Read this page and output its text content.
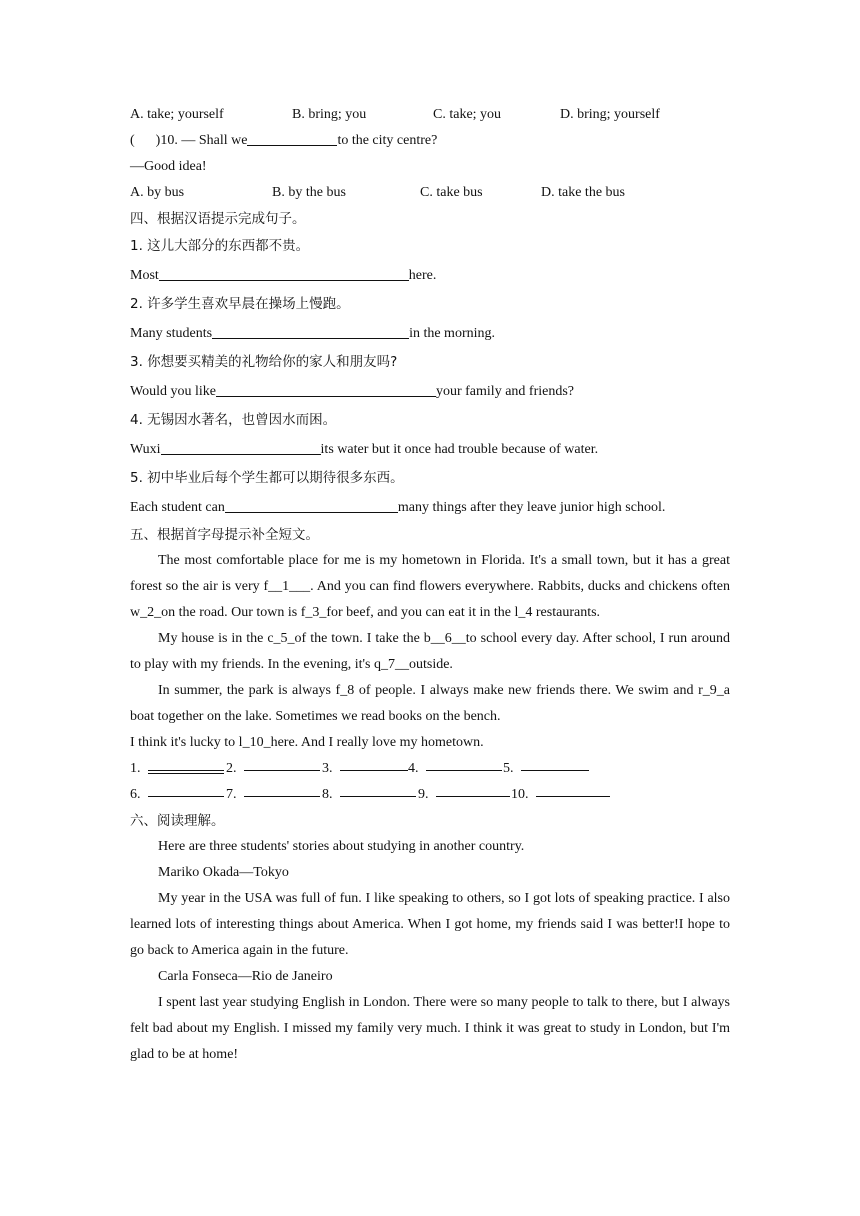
A. take; yourself	B. bring; you	C. take; you	D. bring; yourself
(      )10. — Shall we	to the city centre?
—Good idea!
A. by bus	B. by the bus	C. take bus	D. take the bus
四、根据汉语提示完成句子。
1. 这儿大部分的东西都不贵。
Most	here.
2. 许多学生喜欢早晨在操场上慢跑。
Many students	in the morning.
3. 你想要买精美的礼物给你的家人和朋友吗?
Would you like	your family and friends?
4. 无锡因水著名，也曾因水而困。
Wuxi	its water but it once had trouble because of water.
5. 初中毕业后每个学生都可以期待很多东西。
Each student can	many things after they leave junior high school.
五、根据首字母提示补全短文。

The most comfortable place for me is my hometown in Florida. It's a small town, but it has a great forest so the air is very f__1___. And you can find flowers everywhere. Rabbits, ducks and chickens often w_2_on the road. Our town is f_3_for beef, and you can eat it in the l_4 restaurants.

My house is in the c_5_of the town. I take the b__6__to school every day. After school, I run around to play with my friends. In the evening, it's q_7__outside.

In summer, the park is always f_8 of people. I always make new friends there. We swim and r_9_a boat together on the lake. Sometimes we read books on the bench.

I think it's lucky to l_10_here. And I really love my hometown.

1.	2.	3.	4.	5.
6.	7.	8.	9.	10.
六、阅读理解。

Here are three students' stories about studying in another country.

Mariko Okada—Tokyo

My year in the USA was full of fun. I like speaking to others, so I got lots of speaking practice. I also learned lots of interesting things about America. When I got home, my friends said I was better!I hope to go back to America again in the future.

Carla Fonseca—Rio de Janeiro

I spent last year studying English in London. There were so many people to talk to there, but I always felt bad about my English. I missed my family very much. I think it was great to study in London, but I'm glad to be at home!
